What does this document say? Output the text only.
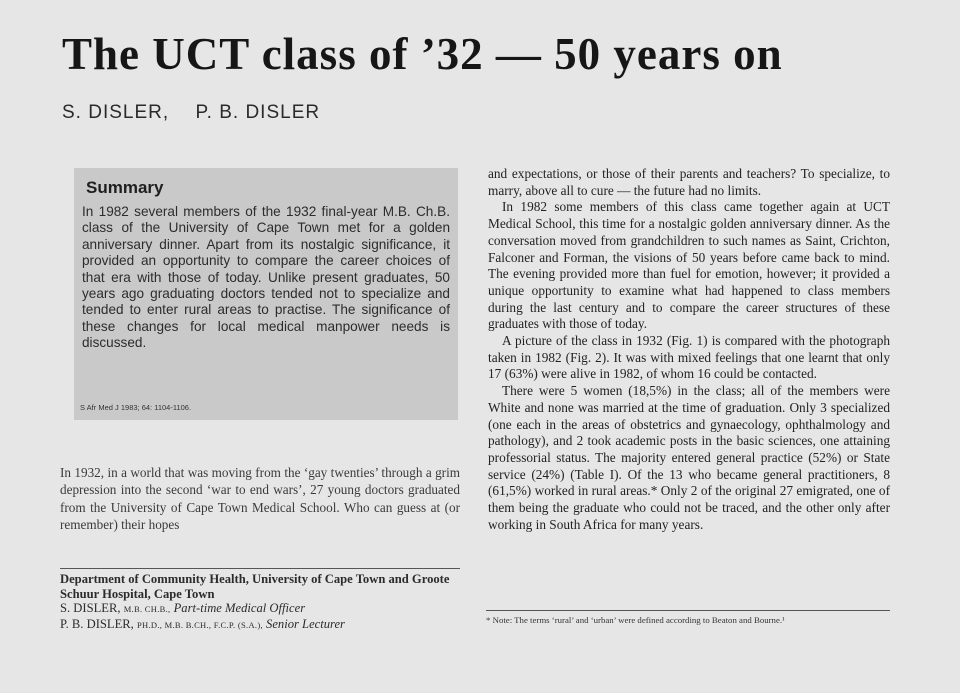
The UCT class of ’32 — 50 years on
S. DISLER, P. B. DISLER
Summary

In 1982 several members of the 1932 final-year M.B. Ch.B. class of the University of Cape Town met for a golden anniversary dinner. Apart from its nostalgic significance, it provided an opportunity to compare the career choices of that era with those of today. Unlike present graduates, 50 years ago graduating doctors tended not to specialize and tended to enter rural areas to practise. The significance of these changes for local medical manpower needs is discussed.

S Afr Med J 1983; 64: 1104-1106.

In 1932, in a world that was moving from the ‘gay twenties’ through a grim depression into the second ‘war to end wars’, 27 young doctors graduated from the University of Cape Town Medical School. Who can guess at (or remember) their hopes

Department of Community Health, University of Cape Town and Groote Schuur Hospital, Cape Town
S. DISLER, M.B. CH.B., Part-time Medical Officer
P. B. DISLER, PH.D., M.B. B.CH., F.C.P. (S.A.), Senior Lecturer

and expectations, or those of their parents and teachers? To specialize, to marry, above all to cure — the future had no limits.

In 1982 some members of this class came together again at UCT Medical School, this time for a nostalgic golden anniversary dinner. As the conversation moved from grandchildren to such names as Saint, Crichton, Falconer and Forman, the visions of 50 years before came back to mind. The evening provided more than fuel for emotion, however; it provided a unique opportunity to examine what had happened to class members during the last century and to compare the career structures of these graduates with those of today.

A picture of the class in 1932 (Fig. 1) is compared with the photograph taken in 1982 (Fig. 2). It was with mixed feelings that one learnt that only 17 (63%) were alive in 1982, of whom 16 could be contacted.

There were 5 women (18,5%) in the class; all of the members were White and none was married at the time of graduation. Only 3 specialized (one each in the areas of obstetrics and gynaecology, ophthalmology and pathology), and 2 took academic posts in the basic sciences, one attaining professorial status. The majority entered general practice (52%) or State service (24%) (Table I). Of the 13 who became general practitioners, 8 (61,5%) worked in rural areas.* Only 2 of the original 27 emigrated, one of them being the graduate who could not be traced, and the other only after working in South Africa for many years.

* Note: The terms ‘rural’ and ‘urban’ were defined according to Beaton and Bourne.¹
